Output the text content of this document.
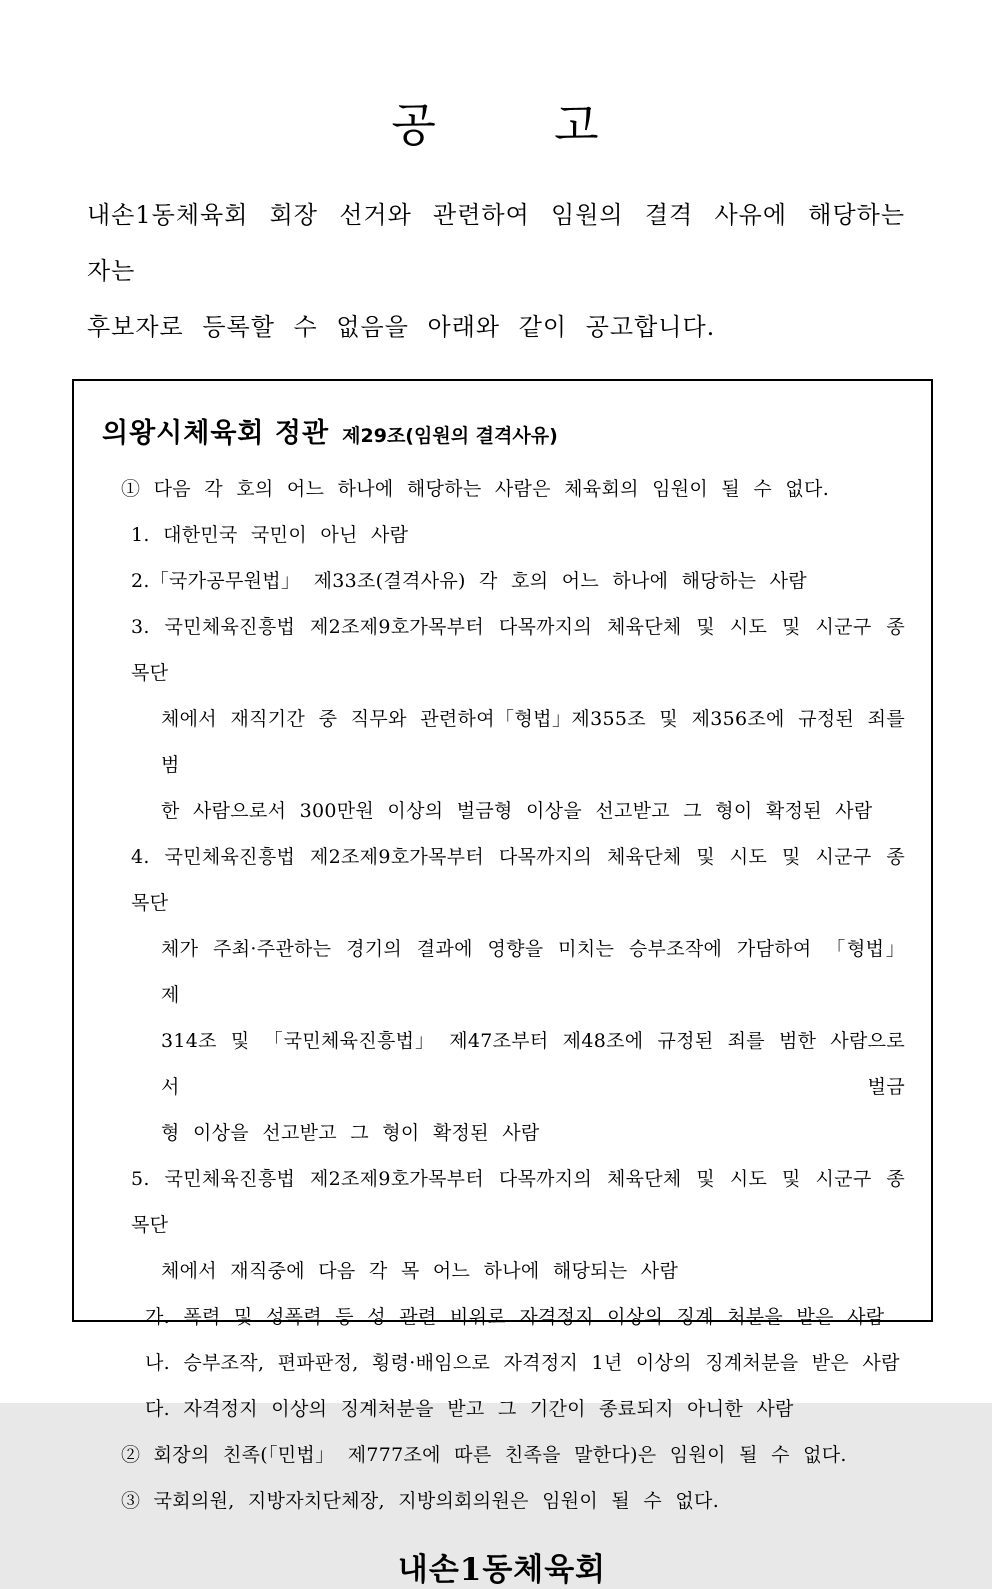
공       고
내손1동체육회 회장 선거와 관련하여 임원의 결격 사유에 해당하는 자는
후보자로 등록할 수 없음을 아래와 같이 공고합니다.
의왕시체육회 정관 제29조(임원의 결격사유)
① 다음 각 호의 어느 하나에 해당하는 사람은 체육회의 임원이 될 수 없다.
1. 대한민국 국민이 아닌 사람
2.「국가공무원법」 제33조(결격사유) 각 호의 어느 하나에 해당하는 사람
3. 국민체육진흥법 제2조제9호가목부터 다목까지의 체육단체 및 시도 및 시군구 종목단
체에서 재직기간 중 직무와 관련하여「형법」제355조 및 제356조에 규정된 죄를 범
한 사람으로서 300만원 이상의 벌금형 이상을 선고받고 그 형이 확정된 사람
4. 국민체육진흥법 제2조제9호가목부터 다목까지의 체육단체 및 시도 및 시군구 종목단
체가 주최·주관하는 경기의 결과에 영향을 미치는 승부조작에 가담하여 「형법」 제
314조 및 「국민체육진흥법」 제47조부터 제48조에 규정된 죄를 범한 사람으로서 벌금
형 이상을 선고받고 그 형이 확정된 사람
5. 국민체육진흥법 제2조제9호가목부터 다목까지의 체육단체 및 시도 및 시군구 종목단
체에서 재직중에 다음 각 목 어느 하나에 해당되는 사람
가. 폭력 및 성폭력 등 성 관련 비위로 자격정지 이상의 징계 처분을 받은 사람
나. 승부조작, 편파판정, 횡령·배임으로 자격정지 1년 이상의 징계처분을 받은 사람
다. 자격정지 이상의 징계처분을 받고 그 기간이 종료되지 아니한 사람
② 회장의 친족(「민법」 제777조에 따른 친족을 말한다)은 임원이 될 수 없다.
③ 국회의원, 지방자치단체장, 지방의회의원은 임원이 될 수 없다.
내손1동체육회
